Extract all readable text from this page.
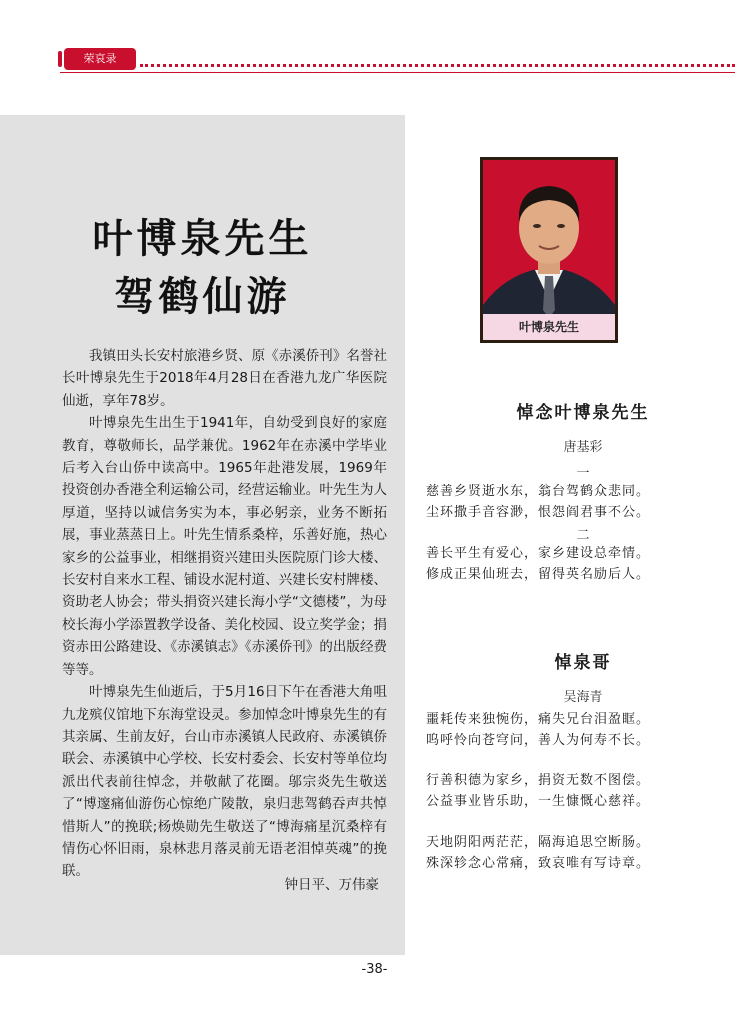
荣哀录
叶博泉先生
驾鹤仙游

我镇田头长安村旅港乡贤、原《赤溪侨刊》名誉社长叶博泉先生于2018年4月28日在香港九龙广华医院仙逝，享年78岁。

叶博泉先生出生于1941年，自幼受到良好的家庭教育，尊敬师长，品学兼优。1962年在赤溪中学毕业后考入台山侨中读高中。1965年赴港发展，1969年投资创办香港全利运输公司，经营运输业。叶先生为人厚道，坚持以诚信务实为本，事必躬亲，业务不断拓展，事业蒸蒸日上。叶先生情系桑梓，乐善好施，热心家乡的公益事业，相继捐资兴建田头医院原门诊大楼、长安村自来水工程、铺设水泥村道、兴建长安村牌楼、资助老人协会；带头捐资兴建长海小学“文德楼”，为母校长海小学添置教学设备、美化校园、设立奖学金；捐资赤田公路建设、《赤溪镇志》《赤溪侨刊》的出版经费等等。

叶博泉先生仙逝后，于5月16日下午在香港大角咀九龙殡仪馆地下东海堂设灵。参加悼念叶博泉先生的有其亲属、生前友好，台山市赤溪镇人民政府、赤溪镇侨联会、赤溪镇中心学校、长安村委会、长安村等单位均派出代表前往悼念，并敬献了花圈。邬宗炎先生敬送了“博邃痛仙游伤心惊绝广陵散，泉归悲驾鹤吞声共悼惜斯人”的挽联;杨焕勋先生敬送了“博海痛星沉桑梓有情伤心怀旧雨，泉林悲月落灵前无语老泪悼英魂”的挽联。

钟日平、万伟豪
叶博泉先生
悼念叶博泉先生
唐基彩
一
慈善乡贤逝水东，翁台驾鹤众悲同。
尘环撒手音容渺，恨怨阎君事不公。
二
善长平生有爱心，家乡建设总牵情。
修成正果仙班去，留得英名励后人。
悼泉哥
吴海青
噩耗传来独惋伤，痛失兄台泪盈眶。
呜呼怜向苍穹问，善人为何寿不长。
行善积德为家乡，捐资无数不图偿。
公益事业皆乐助，一生慷慨心慈祥。
天地阴阳两茫茫，隔海追思空断肠。
殊深轸念心常痛，致哀唯有写诗章。
-38-
